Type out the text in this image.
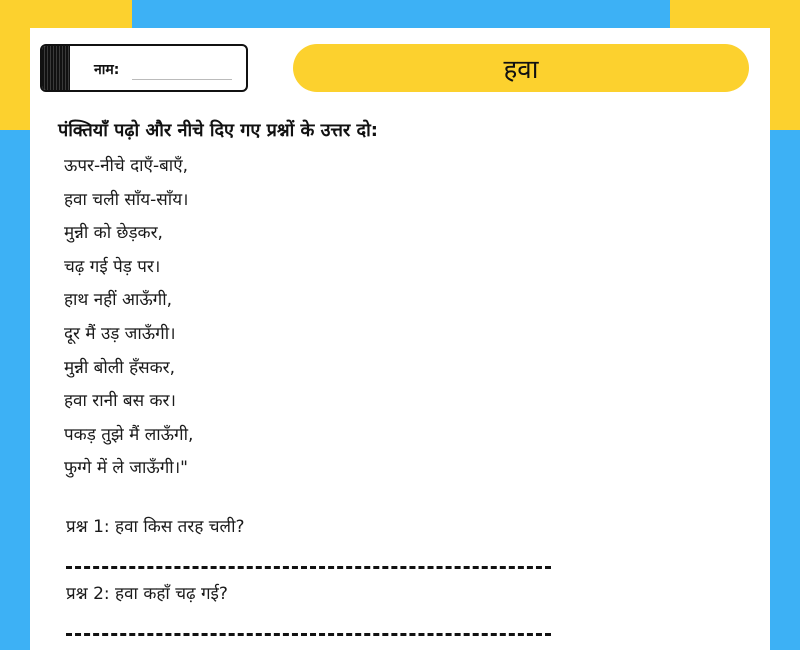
नाम:	हवा
पंक्तियाँ पढ़ो और नीचे दिए गए प्रश्नों के उत्तर दो:
ऊपर-नीचे दाएँ-बाएँ,
हवा चली साँय-साँय।
मुन्नी को छेड़कर,
चढ़ गई पेड़ पर।
हाथ नहीं आऊँगी,
दूर मैं उड़ जाऊँगी।
मुन्नी बोली हँसकर,
हवा रानी बस कर।
पकड़ तुझे मैं लाऊँगी,
फुग्गे में ले जाऊँगी।"
प्रश्न 1: हवा किस तरह चली?
प्रश्न 2: हवा कहाँ चढ़ गई?
